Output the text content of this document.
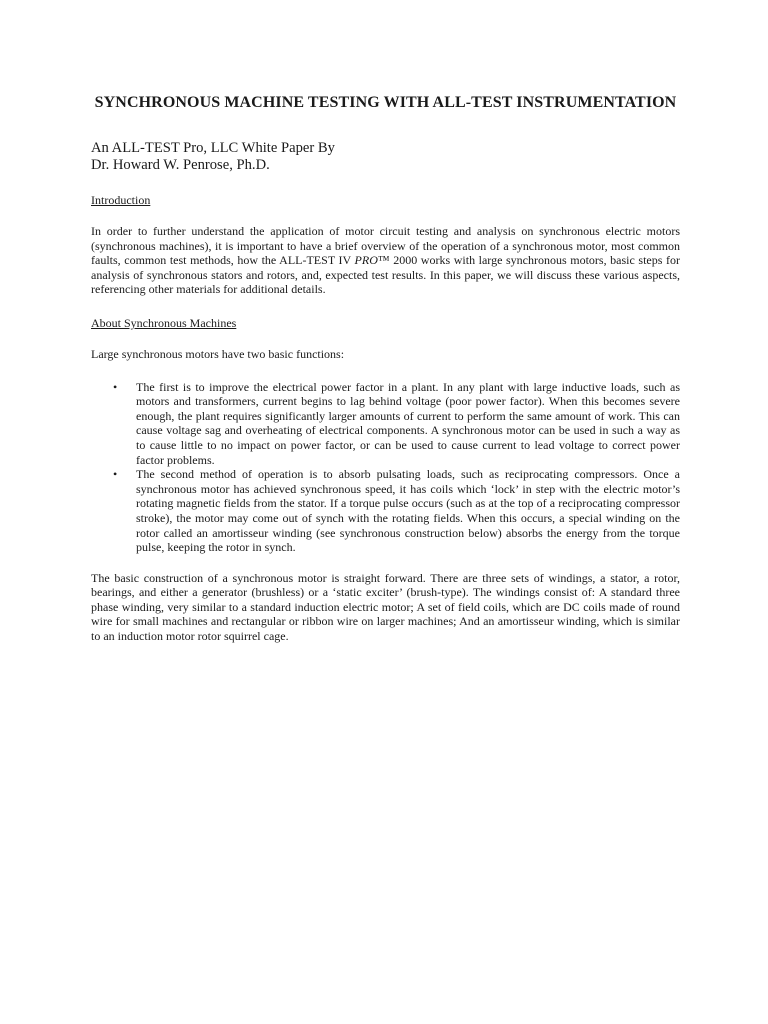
SYNCHRONOUS MACHINE TESTING WITH ALL-TEST INSTRUMENTATION
An ALL-TEST Pro, LLC White Paper By
Dr. Howard W. Penrose, Ph.D.
Introduction

In order to further understand the application of motor circuit testing and analysis on synchronous electric motors (synchronous machines), it is important to have a brief overview of the operation of a synchronous motor, most common faults, common test methods, how the ALL-TEST IV PRO™ 2000 works with large synchronous motors, basic steps for analysis of synchronous stators and rotors, and, expected test results. In this paper, we will discuss these various aspects, referencing other materials for additional details.

About Synchronous Machines

Large synchronous motors have two basic functions:

• The first is to improve the electrical power factor in a plant. In any plant with large inductive loads, such as motors and transformers, current begins to lag behind voltage (poor power factor). When this becomes severe enough, the plant requires significantly larger amounts of current to perform the same amount of work. This can cause voltage sag and overheating of electrical components. A synchronous motor can be used in such a way as to cause little to no impact on power factor, or can be used to cause current to lead voltage to correct power factor problems.
• The second method of operation is to absorb pulsating loads, such as reciprocating compressors. Once a synchronous motor has achieved synchronous speed, it has coils which ‘lock’ in step with the electric motor’s rotating magnetic fields from the stator. If a torque pulse occurs (such as at the top of a reciprocating compressor stroke), the motor may come out of synch with the rotating fields. When this occurs, a special winding on the rotor called an amortisseur winding (see synchronous construction below) absorbs the energy from the torque pulse, keeping the rotor in synch.

The basic construction of a synchronous motor is straight forward. There are three sets of windings, a stator, a rotor, bearings, and either a generator (brushless) or a ‘static exciter’ (brush-type). The windings consist of: A standard three phase winding, very similar to a standard induction electric motor; A set of field coils, which are DC coils made of round wire for small machines and rectangular or ribbon wire on larger machines; And an amortisseur winding, which is similar to an induction motor rotor squirrel cage.
